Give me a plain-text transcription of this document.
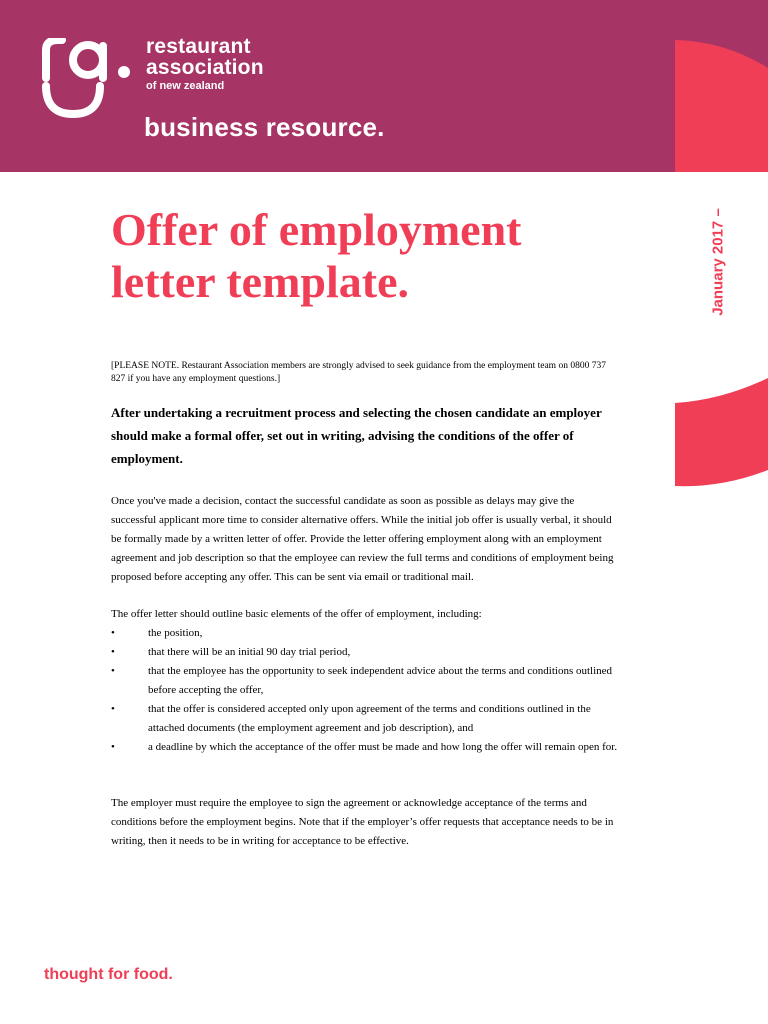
restaurant
association
of new zealand
business resource.
January 2017 –
Offer of employment
letter template.
[PLEASE NOTE. Restaurant Association members are strongly advised to seek guidance from the employment team on 0800 737 827 if you have any employment questions.]
After undertaking a recruitment process and selecting the chosen candidate an employer should make a formal offer, set out in writing, advising the conditions of the offer of employment.

Once you've made a decision, contact the successful candidate as soon as possible as delays may give the successful applicant more time to consider alternative offers. While the initial job offer is usually verbal, it should be formally made by a written letter of offer. Provide the letter offering employment along with an employment agreement and job description so that the employee can review the full terms and conditions of employment being proposed before accepting any offer. This can be sent via email or traditional mail.

The offer letter should outline basic elements of the offer of employment, including:

•	the position,
•	that there will be an initial 90 day trial period,
•	that the employee has the opportunity to seek independent advice about the terms and conditions outlined before accepting the offer,
•	that the offer is considered accepted only upon agreement of the terms and conditions outlined in the attached documents (the employment agreement and job description), and
•	a deadline by which the acceptance of the offer must be made and how long the offer will remain open for.

The employer must require the employee to sign the agreement or acknowledge acceptance of the terms and conditions before the employment begins. Note that if the employer’s offer requests that acceptance needs to be in writing, then it needs to be in writing for acceptance to be effective.

thought for food.
